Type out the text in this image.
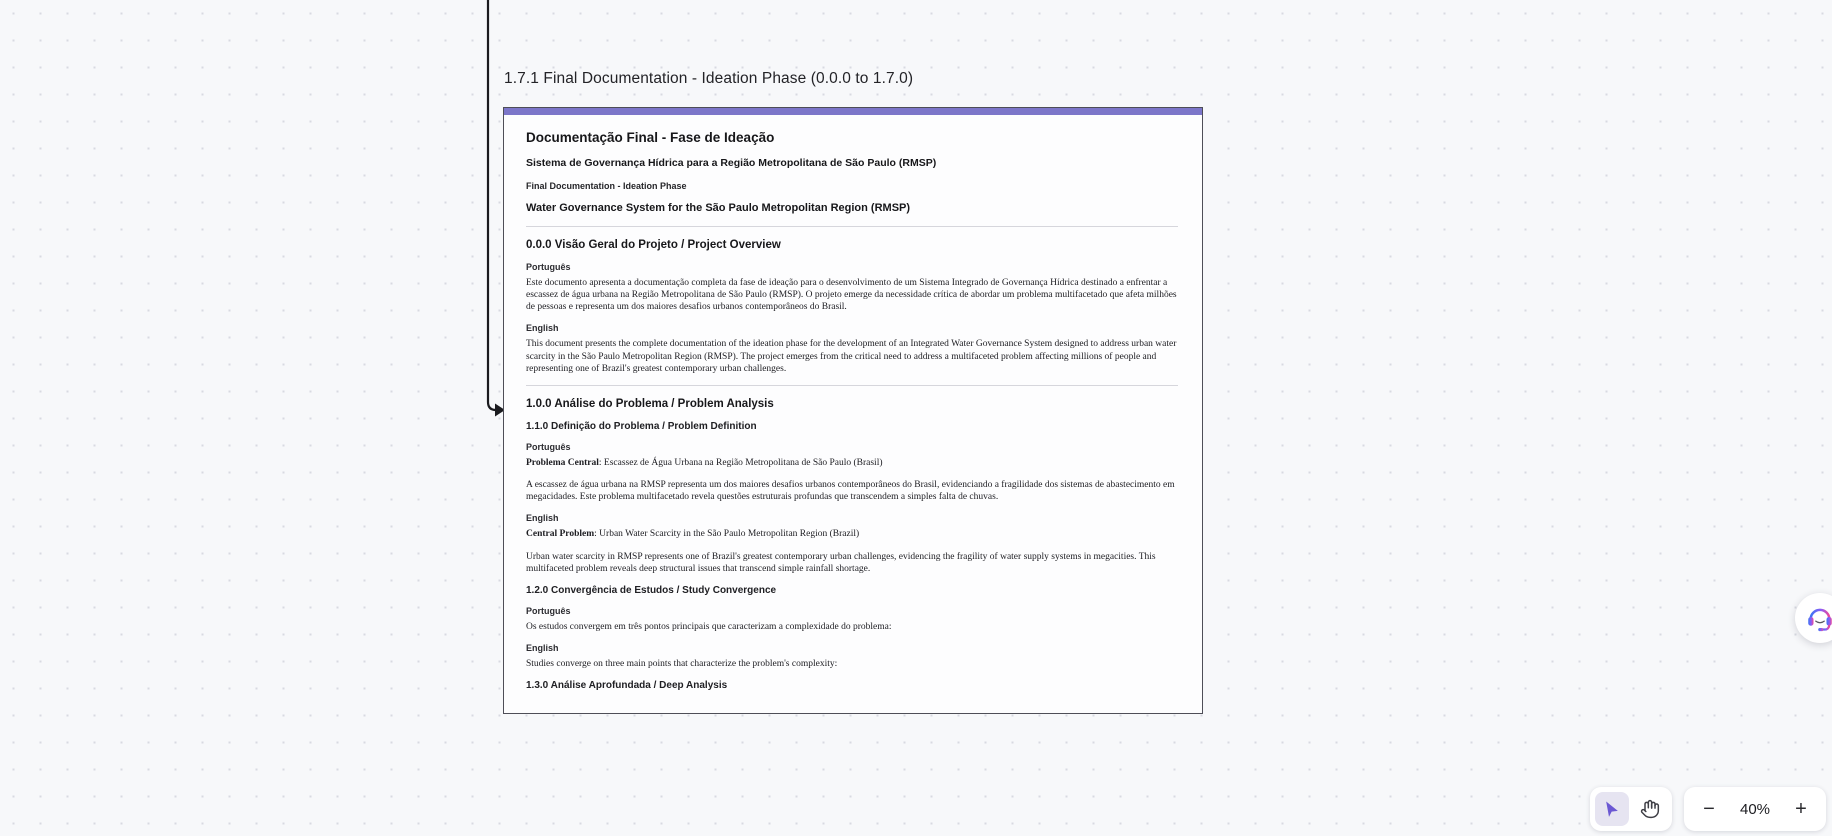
1.7.1 Final Documentation - Ideation Phase (0.0.0 to 1.7.0)
Documentação Final - Fase de Ideação
Sistema de Governança Hídrica para a Região Metropolitana de São Paulo (RMSP)
Final Documentation - Ideation Phase
Water Governance System for the São Paulo Metropolitan Region (RMSP)
0.0.0 Visão Geral do Projeto / Project Overview
Português

Este documento apresenta a documentação completa da fase de ideação para o desenvolvimento de um Sistema Integrado de Governança Hídrica destinado a enfrentar a escassez de água urbana na Região Metropolitana de São Paulo (RMSP). O projeto emerge da necessidade crítica de abordar um problema multifacetado que afeta milhões de pessoas e representa um dos maiores desafios urbanos contemporâneos do Brasil.

English

This document presents the complete documentation of the ideation phase for the development of an Integrated Water Governance System designed to address urban water scarcity in the São Paulo Metropolitan Region (RMSP). The project emerges from the critical need to address a multifaceted problem affecting millions of people and representing one of Brazil's greatest contemporary urban challenges.

1.0.0 Análise do Problema / Problem Analysis
1.1.0 Definição do Problema / Problem Definition
Português

Problema Central: Escassez de Água Urbana na Região Metropolitana de São Paulo (Brasil)

A escassez de água urbana na RMSP representa um dos maiores desafios urbanos contemporâneos do Brasil, evidenciando a fragilidade dos sistemas de abastecimento em megacidades. Este problema multifacetado revela questões estruturais profundas que transcendem a simples falta de chuvas.

English

Central Problem: Urban Water Scarcity in the São Paulo Metropolitan Region (Brazil)

Urban water scarcity in RMSP represents one of Brazil's greatest contemporary urban challenges, evidencing the fragility of water supply systems in megacities. This multifaceted problem reveals deep structural issues that transcend simple rainfall shortage.

1.2.0 Convergência de Estudos / Study Convergence
Português

Os estudos convergem em três pontos principais que caracterizam a complexidade do problema:

English

Studies converge on three main points that characterize the problem's complexity:

1.3.0 Análise Aprofundada / Deep Analysis
−	40%	+
